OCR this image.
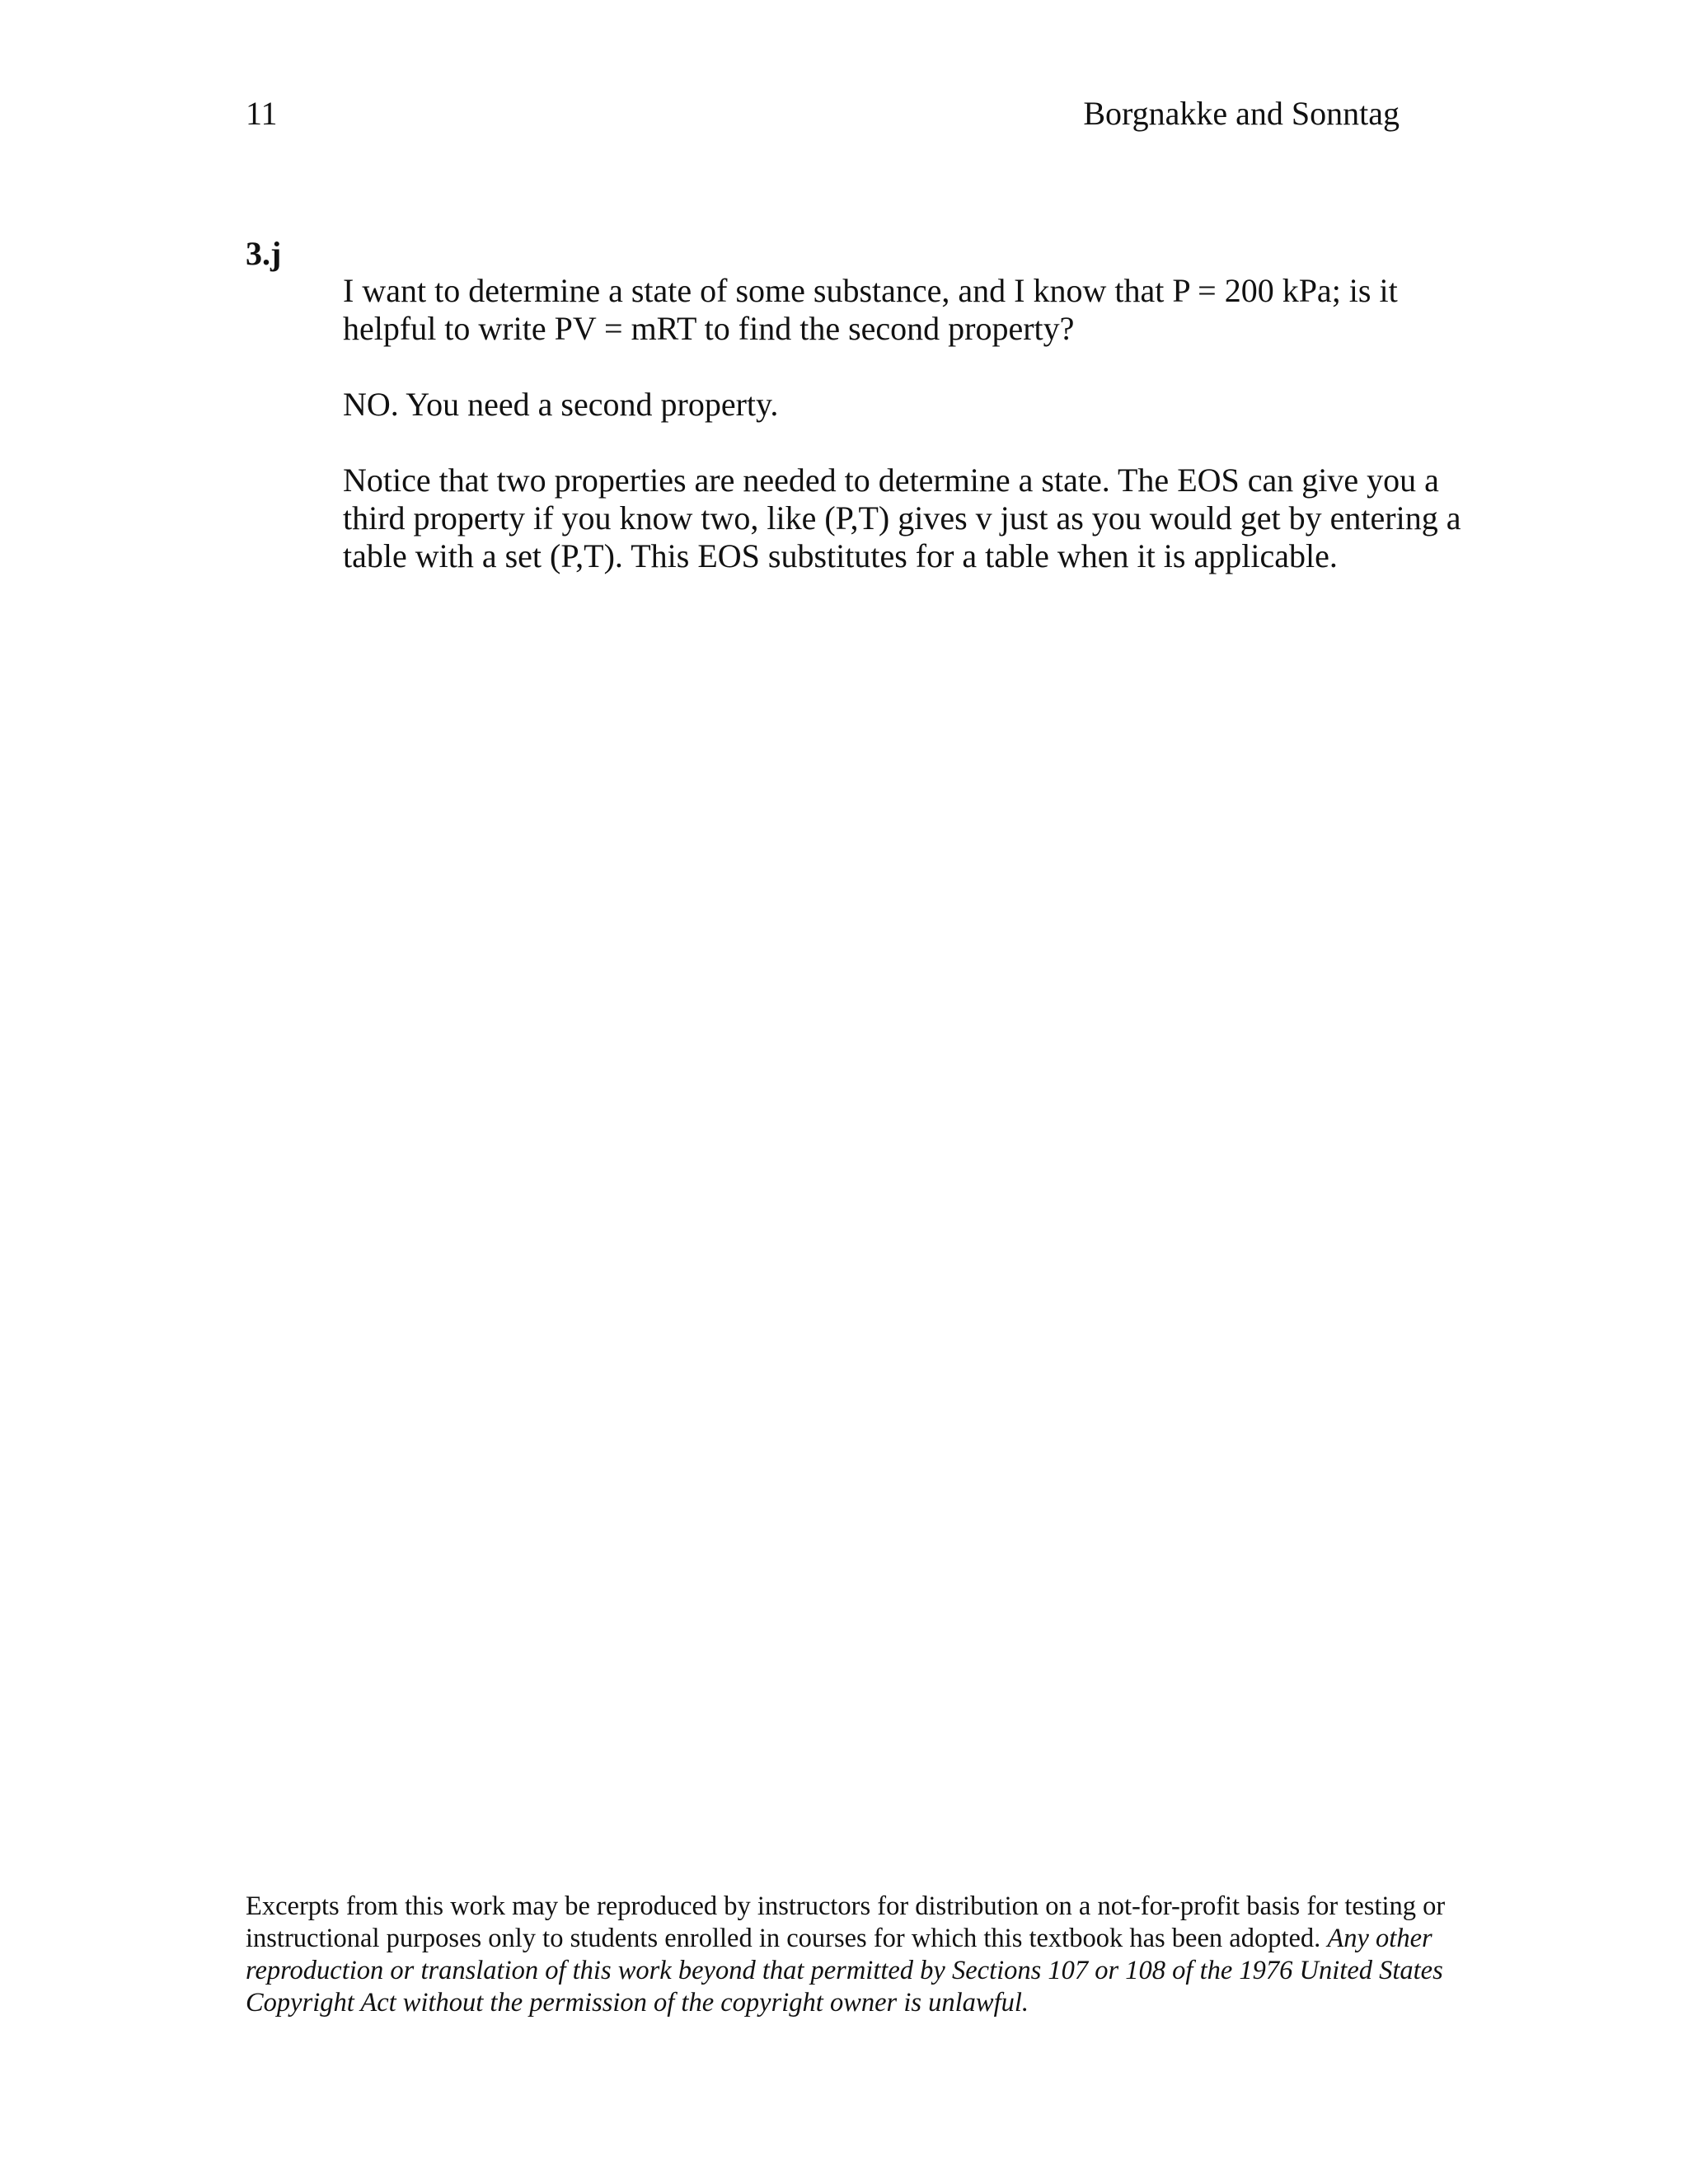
11	Borgnakke and Sonntag
3.j

I want to determine a state of some substance, and I know that P = 200 kPa; is it helpful to write PV = mRT to find the second property?

NO. You need a second property.

Notice that two properties are needed to determine a state. The EOS can give you a third property if you know two, like (P,T) gives v just as you would get by entering a table with a set (P,T). This EOS substitutes for a table when it is applicable.

Excerpts from this work may be reproduced by instructors for distribution on a not-for-profit basis for testing or instructional purposes only to students enrolled in courses for which this textbook has been adopted. Any other reproduction or translation of this work beyond that permitted by Sections 107 or 108 of the 1976 United States Copyright Act without the permission of the copyright owner is unlawful.
